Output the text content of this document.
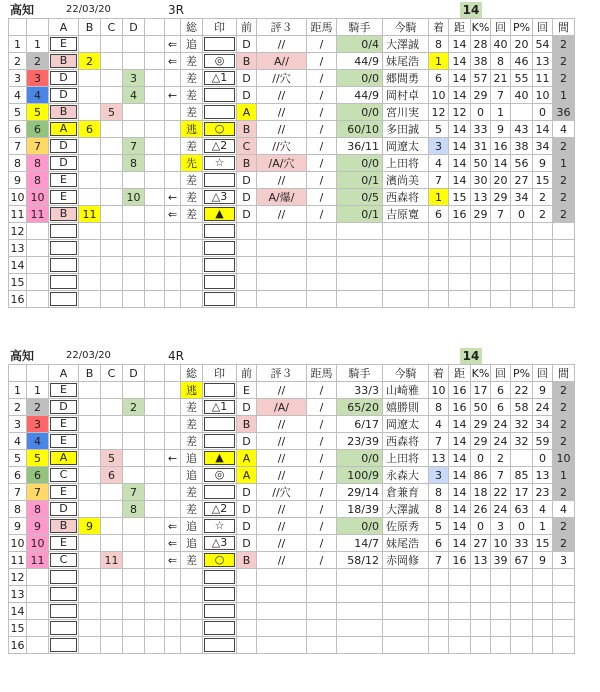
高知	22/03/20	3R	14
		A	B	C	D			総	印	前	評３	距馬	騎手	今騎	着	距	K%	回	P%	回	間
1	1	E					⇐	追		D	//	/	0/4	大澤誠	8	14	28	40	20	54	2
2	2	B	2				⇐	差	◎	B	A//	/	44/9	妹尾浩	1	14	38	8	46	13	2
3	3	D			3			差	△1	D	//穴	/	0/0	郷間勇	6	14	57	21	55	11	2
4	4	D			4		←	差		D	//	/	44/9	岡村卓	10	14	29	7	40	10	1
5	5	B		5				差		A	//	/	0/0	宮川実	12	12	0	1		0	36
6	6	A	6					逃	○	B	//	/	60/10	多田誠	5	14	33	9	43	14	4
7	7	D			7			差	△2	C	//穴	/	36/11	岡遼太	3	14	31	16	38	34	2
8	8	D			8			先	☆	B	/A/穴	/	0/0	上田将	4	14	50	14	56	9	1
9	8	E						差		D	//	/	0/1	濱尚美	7	14	30	20	27	15	2
10	10	E			10		←	差	△3	D	A/爆/	/	0/5	西森将	1	15	13	29	34	2	2
11	11	B	11				⇐	差	▲	D	//	/	0/1	吉原寛	6	16	29	7	0	2	2
12		

13		

14		

15		

16		

高知	22/03/20	4R	14
		A	B	C	D			総	印	前	評３	距馬	騎手	今騎	着	距	K%	回	P%	回	間
1	1	E						逃		E	//	/	33/3	山崎雅	10	16	17	6	22	9	2
2	2	D			2			差	△1	D	/A/	/	65/20	嬉勝則	8	16	50	6	58	24	2
3	3	E						差		B	//	/	6/17	岡遼太	4	14	29	24	32	34	2
4	4	E						差		D	//	/	23/39	西森将	7	14	29	24	32	59	2
5	5	A		5			←	追	▲	A	//	/	0/0	上田将	13	14	0	2		0	10
6	6	C		6				追	◎	A	//	/	100/9	永森大	3	14	86	7	85	13	1
7	7	E			7			差		D	//穴	/	29/14	倉兼育	8	14	18	22	17	23	2
8	8	D			8			差	△2	D	//	/	18/39	大澤誠	8	14	26	24	63	4	4
9	9	B	9				⇐	追	☆	D	//	/	0/0	佐原秀	5	14	0	3	0	1	2
10	10	E					⇐	追	△3	D	//	/	14/7	妹尾浩	6	14	27	10	33	15	2
11	11	C		11			⇐	差	○	B	//	/	58/12	赤岡修	7	16	13	39	67	9	3
12		

13		

14		

15		

16		
